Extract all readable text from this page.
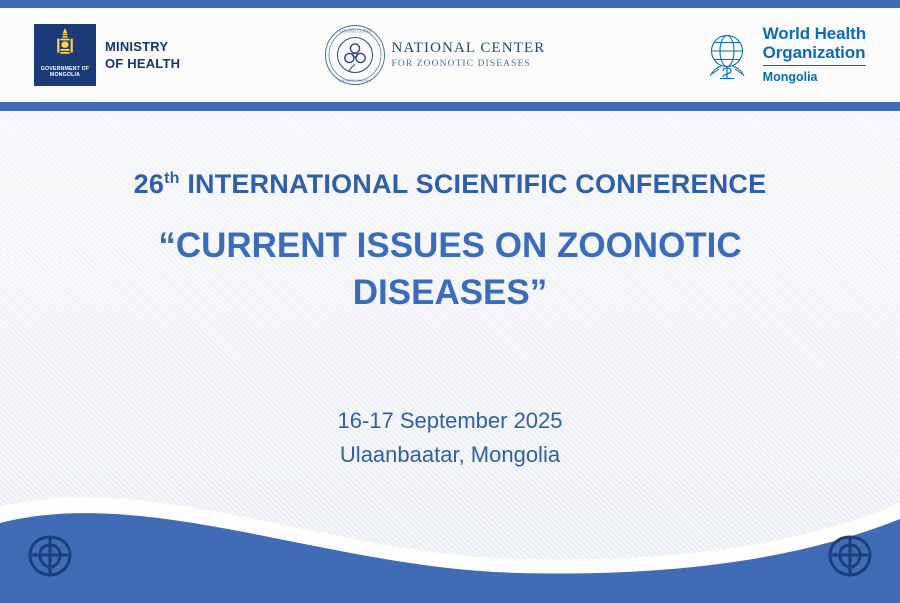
GOVERNMENT OF
MONGOLIA
MINISTRY
OF HEALTH
NATIONAL CENTER
ZOONOTIC DISEASES
NATIONAL CENTER
FOR ZOONOTIC DISEASES
World Health
Organization
Mongolia
26th INTERNATIONAL SCIENTIFIC CONFERENCE
“CURRENT ISSUES ON ZOONOTIC DISEASES”
16-17 September 2025
Ulaanbaatar, Mongolia
